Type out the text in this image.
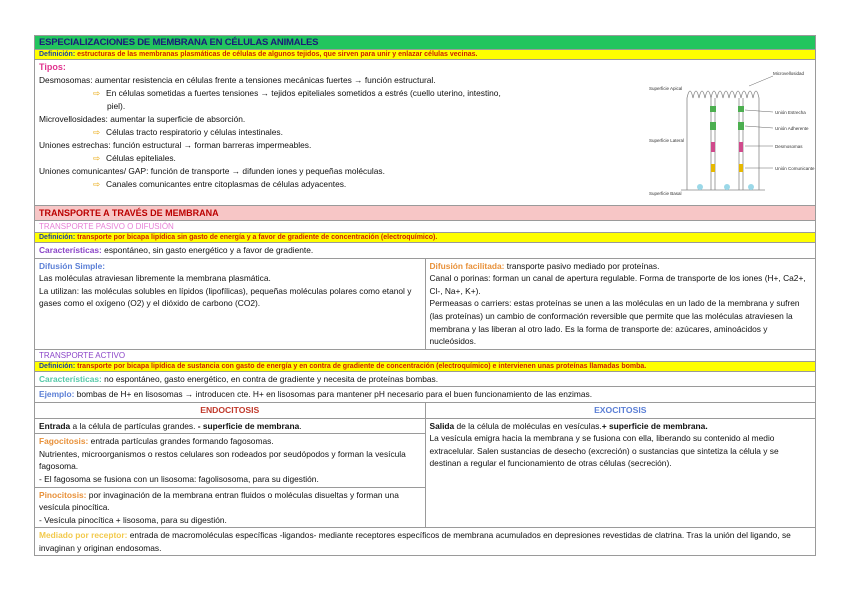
ESPECIALIZACIONES DE MEMBRANA EN CÉLULAS ANIMALES
Definición: estructuras de las membranas plasmáticas de células de algunos tejidos, que sirven para unir y enlazar células vecinas.
Tipos:
Desmosomas: aumentar resistencia en células frente a tensiones mecánicas fuertes → función estructural.
⇨ En células sometidas a fuertes tensiones → tejidos epiteliales sometidos a estrés (cuello uterino, intestino,
piel).
Microvellosidades: aumentar la superficie de absorción.
⇨ Células tracto respiratorio y células intestinales.
Uniones estrechas: función estructural → forman barreras impermeables.
⇨ Células epiteliales.
Uniones comunicantes/ GAP: función de transporte → difunden iones y pequeñas moléculas.
⇨ Canales comunicantes entre citoplasmas de células adyacentes.
Microvellosidad
Superficie Apical
Superficie Lateral
Superficie Basal
Unión Estrecha
Unión Adherente
Desmosomas
Unión Comunicante
TRANSPORTE A TRAVÉS DE MEMBRANA
TRANSPORTE PASIVO O DIFUSIÓN
Definición: transporte por bicapa lipídica sin gasto de energía y a favor de gradiente de concentración (electroquímico).
Características: espontáneo, sin gasto energético y a favor de gradiente.
Difusión Simple:
Las moléculas atraviesan libremente la membrana plasmática.
La utilizan: las moléculas solubles en lípidos (lipofílicas), pequeñas moléculas polares como etanol y gases como el oxígeno (O2) y el dióxido de carbono (CO2).
Difusión facilitada: transporte pasivo mediado por proteínas.
Canal o porinas: forman un canal de apertura regulable. Forma de transporte de los iones (H+, Ca2+, Cl-, Na+, K+).
Permeasas o carriers: estas proteínas se unen a las moléculas en un lado de la membrana y sufren (las proteínas) un cambio de conformación reversible que permite que las moléculas atraviesen la membrana y las liberan al otro lado. Es la forma de transporte de: azúcares, aminoácidos y nucleósidos.
TRANSPORTE ACTIVO
Definición: transporte por bicapa lipídica de sustancia con gasto de energía y en contra de gradiente de concentración (electroquímico) e intervienen unas proteínas llamadas bomba.
Características: no espontáneo, gasto energético, en contra de gradiente y necesita de proteínas bombas.
Ejemplo: bombas de H+ en lisosomas → introducen cte. H+ en lisosomas para mantener pH necesario para el buen funcionamiento de las enzimas.
ENDOCITOSIS
Entrada a la célula de partículas grandes. - superficie de membrana.
Fagocitosis: entrada partículas grandes formando fagosomas.
Nutrientes, microorganismos o restos celulares son rodeados por seudópodos y forman la vesícula fagosoma.
- El fagosoma se fusiona con un lisosoma: fagolisosoma, para su digestión.
Pinocitosis: por invaginación de la membrana entran fluidos o moléculas disueltas y forman una vesícula pinocítica.
- Vesícula pinocítica + lisosoma, para su digestión.
EXOCITOSIS
Salida de la célula de moléculas en vesículas.+ superficie de membrana.
La vesícula emigra hacia la membrana y se fusiona con ella, liberando su contenido al medio extracelular. Salen sustancias de desecho (excreción) o sustancias que sintetiza la célula y se destinan a regular el funcionamiento de otras células (secreción).
Mediado por receptor: entrada de macromoléculas específicas -ligandos- mediante receptores específicos de membrana acumulados en depresiones revestidas de clatrina. Tras la unión del ligando, se invaginan y originan endosomas.
